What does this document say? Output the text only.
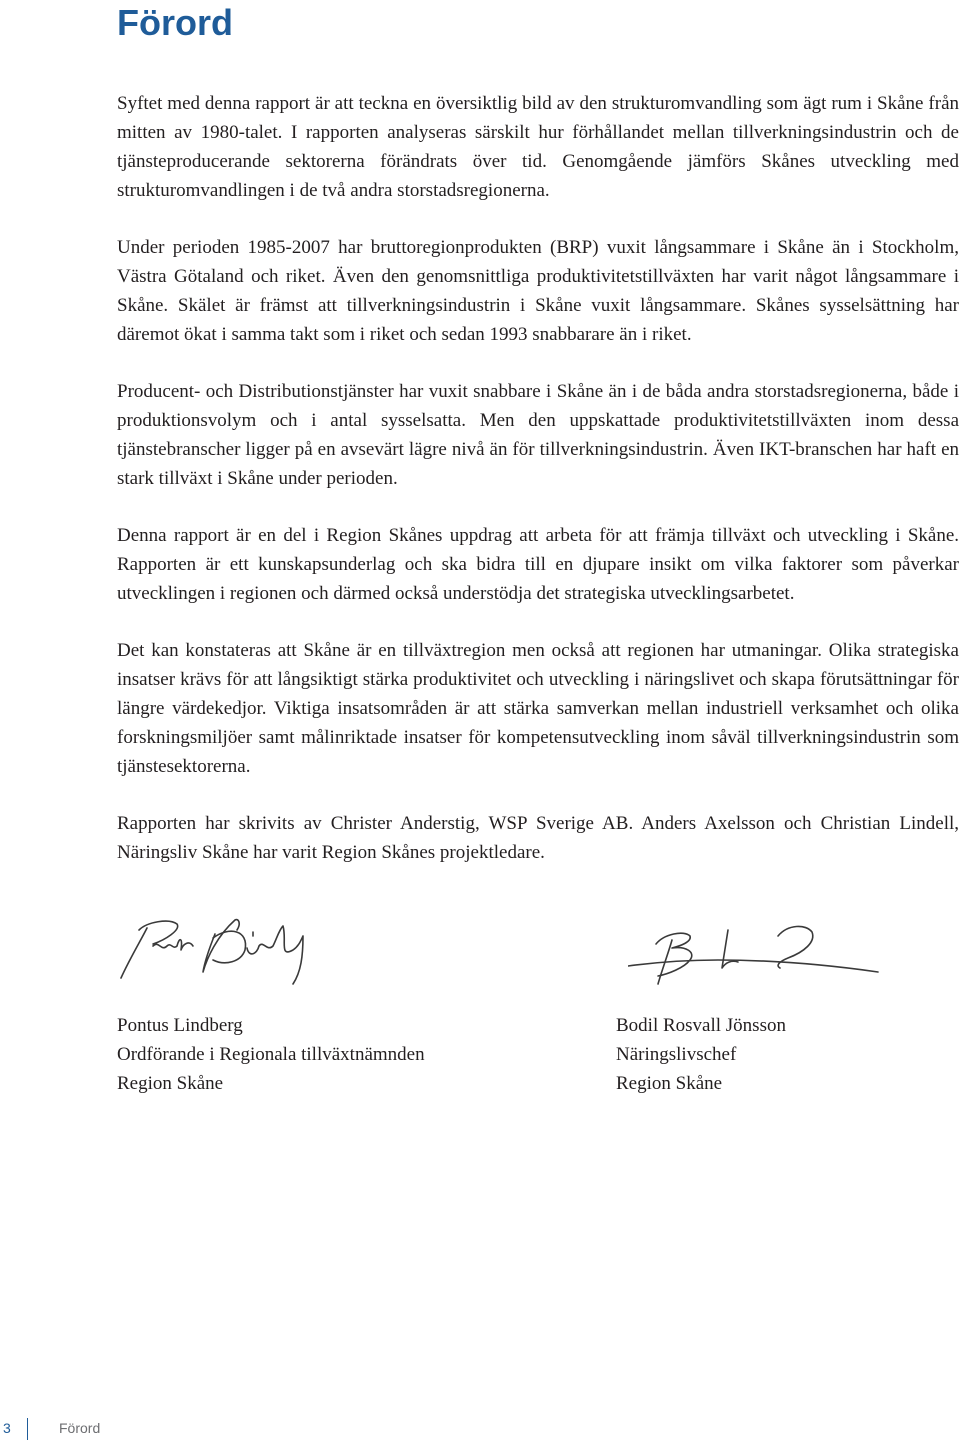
Förord

Syftet med denna rapport är att teckna en översiktlig bild av den strukturomvandling som ägt rum i Skåne från mitten av 1980-talet. I rapporten analyseras särskilt hur förhållandet mellan tillverkningsindustrin och de tjänsteproducerande sektorerna förändrats över tid. Genomgående jämförs Skånes utveckling med strukturomvandlingen i de två andra storstadsregionerna.

Under perioden 1985-2007 har bruttoregionprodukten (BRP) vuxit långsammare i Skåne än i Stockholm, Västra Götaland och riket. Även den genomsnittliga produktivitetstillväxten har varit något långsammare i Skåne. Skälet är främst att tillverkningsindustrin i Skåne vuxit långsammare. Skånes sysselsättning har däremot ökat i samma takt som i riket och sedan 1993 snabbarare än i riket.

Producent- och Distributionstjänster har vuxit snabbare i Skåne än i de båda andra storstadsregionerna, både i produktionsvolym och i antal sysselsatta. Men den uppskattade produktivitetstillväxten inom dessa tjänstebranscher ligger på en avsevärt lägre nivå än för tillverkningsindustrin. Även IKT-branschen har haft en stark tillväxt i Skåne under perioden.

Denna rapport är en del i Region Skånes uppdrag att arbeta för att främja tillväxt och utveckling i Skåne. Rapporten är ett kunskapsunderlag och ska bidra till en djupare insikt om vilka faktorer som påverkar utvecklingen i regionen och därmed också understödja det strategiska utvecklingsarbetet.

Det kan konstateras att Skåne är en tillväxtregion men också att regionen har utmaningar. Olika strategiska insatser krävs för att långsiktigt stärka produktivitet och utveckling i näringslivet och skapa förutsättningar för längre värdekedjor. Viktiga insatsområden är att stärka samverkan mellan industriell verksamhet och olika forskningsmiljöer samt målinriktade insatser för kompetensutveckling inom såväl tillverkningsindustrin som tjänstesektorerna.

Rapporten har skrivits av Christer Anderstig, WSP Sverige AB. Anders Axelsson och Christian Lindell, Näringsliv Skåne har varit Region Skånes projektledare.

Pontus Lindberg
Ordförande i Regionala tillväxtnämnden
Region Skåne
Bodil Rosvall Jönsson
Näringslivschef
Region Skåne
3	Förord
